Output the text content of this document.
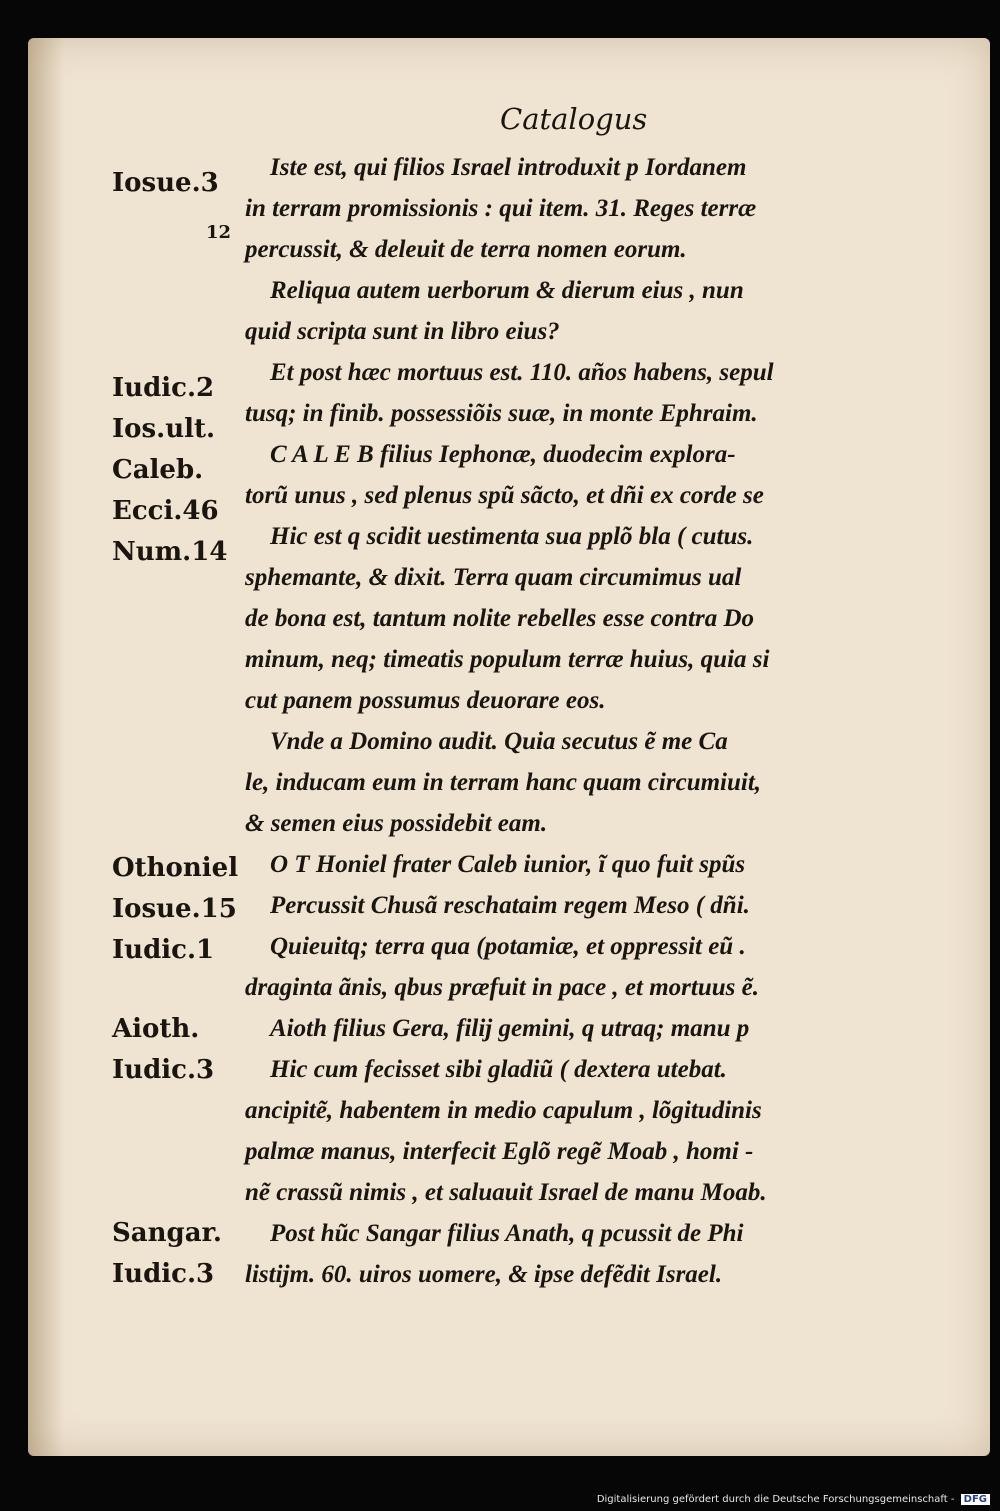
Catalogus
Iosue.3
Iudic.2
Ios.ult.
Caleb.
Ecci.46
Num.14
Othoniel
Iosue.15
Iudic.1
Aioth.
Iudic.3
Sangar.
Iudic.3
12
Iste est, qui filios Israel introduxit p Iordanem
in terram promissionis : qui item. 31. Reges terræ
percussit, & deleuit de terra nomen eorum.
Reliqua autem uerborum & dierum eius , nun
quid scripta sunt in libro eius?
Et post hæc mortuus est. 110. años habens, sepul
tusq; in finib. possessiõis suæ, in monte Ephraim.
C A L E B filius Iephonæ, duodecim explora-
torũ unus , sed plenus spũ sãcto, et dñi ex corde se
Hic est q scidit uestimenta sua pplõ bla ( cutus.
sphemante, & dixit. Terra quam circumimus ual
de bona est, tantum nolite rebelles esse contra Do
minum, neq; timeatis populum terræ huius, quia si
cut panem possumus deuorare eos.
Vnde a Domino audit. Quia secutus ẽ me Ca
le, inducam eum in terram hanc quam circumiuit,
& semen eius possidebit eam.
O T Honiel frater Caleb iunior, ĩ quo fuit spũs
Percussit Chusã reschataim regem Meso ( dñi.
Quieuitq; terra qua (potamiæ, et oppressit eũ .
draginta ãnis, qbus præfuit in pace , et mortuus ẽ.
Aioth filius Gera, filij gemini, q utraq; manu p
Hic cum fecisset sibi gladiũ ( dextera utebat.
ancipitẽ, habentem in medio capulum , lõgitudinis
palmæ manus, interfecit Eglõ regẽ Moab , homi -
nẽ crassũ nimis , et saluauit Israel de manu Moab.
Post hũc Sangar filius Anath, q pcussit de Phi
listijm. 60. uiros uomere, & ipse defẽdit Israel.
Digitalisierung gefördert durch die Deutsche Forschungsgemeinschaft - DFG
